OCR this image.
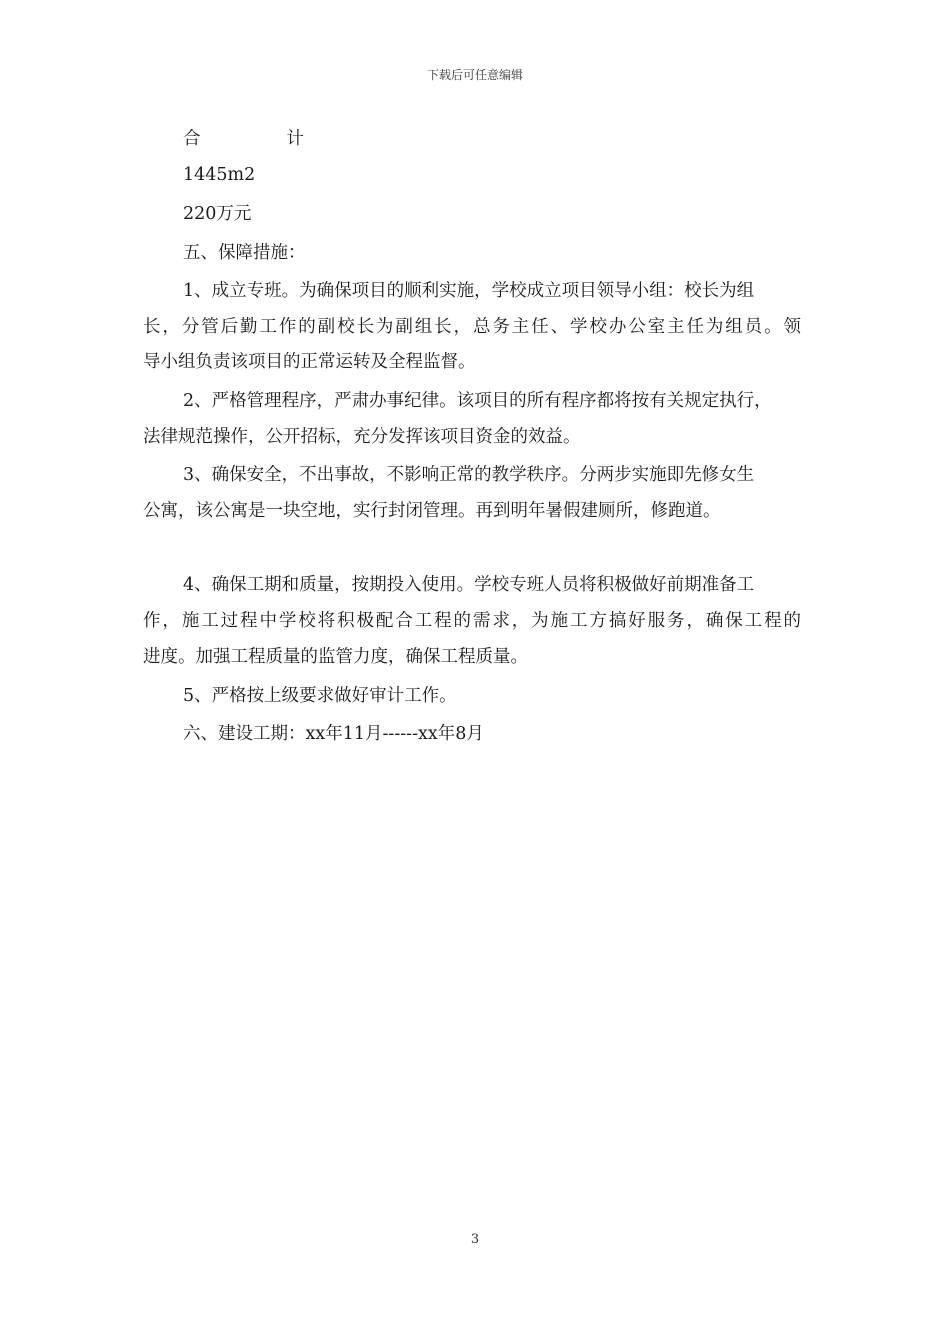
下载后可任意编辑
合	计
1445m2
220万元
五、保障措施：
1、成立专班。为确保项目的顺利实施，学校成立项目领导小组：校长为组
长，分管后勤工作的副校长为副组长，总务主任、学校办公室主任为组员。领
导小组负责该项目的正常运转及全程监督。
2、严格管理程序，严肃办事纪律。该项目的所有程序都将按有关规定执行，
法律规范操作，公开招标，充分发挥该项目资金的效益。
3、确保安全，不出事故，不影响正常的教学秩序。分两步实施即先修女生
公寓，该公寓是一块空地，实行封闭管理。再到明年暑假建厕所，修跑道。
4、确保工期和质量，按期投入使用。学校专班人员将积极做好前期准备工
作，施工过程中学校将积极配合工程的需求，为施工方搞好服务，确保工程的
进度。加强工程质量的监管力度，确保工程质量。
5、严格按上级要求做好审计工作。
六、建设工期：xx年11月------xx年8月
3
